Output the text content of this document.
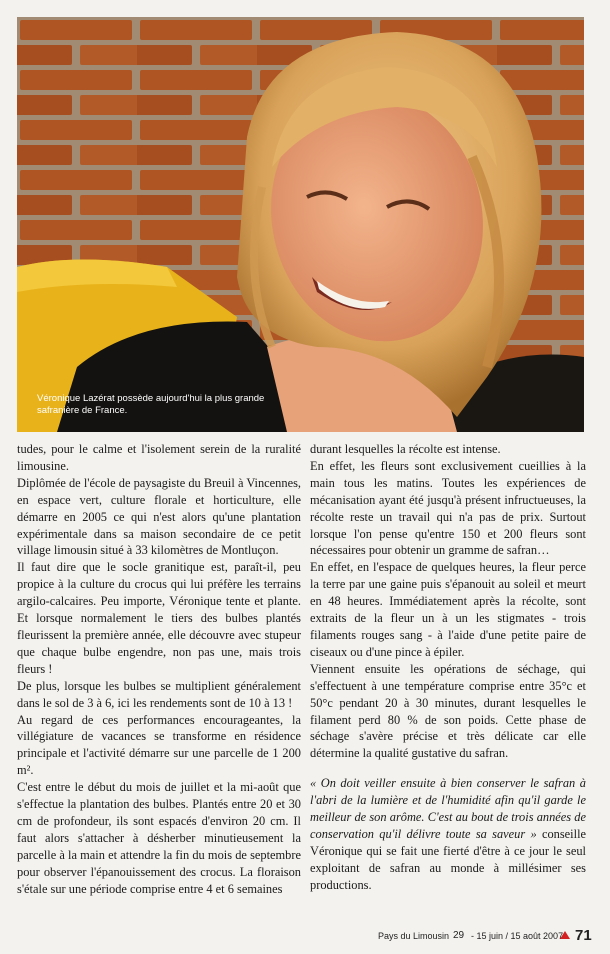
Véronique Lazérat possède aujourd'hui la plus grande safranière de France.

tudes, pour le calme et l'isolement serein de la ruralité limousine.

Diplômée de l'école de paysagiste du Breuil à Vincennes, en espace vert, culture florale et horticulture, elle démarre en 2005 ce qui n'est alors qu'une plantation expérimentale dans sa maison secondaire de ce petit village limousin situé à 33 kilomètres de Montluçon.

Il faut dire que le socle granitique est, paraît-il, peu propice à la culture du crocus qui lui préfère les terrains argilo-calcaires. Peu importe, Véronique tente et plante. Et lorsque normalement le tiers des bulbes plantés fleurissent la première année, elle découvre avec stupeur que chaque bulbe engendre, non pas une, mais trois fleurs !

De plus, lorsque les bulbes se multiplient généralement dans le sol de 3 à 6, ici les rendements sont de 10 à 13 !

Au regard de ces performances encourageantes, la villégiature de vacances se transforme en résidence principale et l'activité démarre sur une parcelle de 1 200 m².

C'est entre le début du mois de juillet et la mi-août que s'effectue la plantation des bulbes. Plantés entre 20 et 30 cm de profondeur, ils sont espacés d'environ 20 cm. Il faut alors s'attacher à désherber minutieusement la parcelle à la main et attendre la fin du mois de septembre pour observer l'épanouissement des crocus. La floraison s'étale sur une période comprise entre 4 et 6 semaines

durant lesquelles la récolte est intense.

En effet, les fleurs sont exclusivement cueillies à la main tous les matins. Toutes les expériences de mécanisation ayant été jusqu'à présent infructueuses, la récolte reste un travail qui n'a pas de prix. Surtout lorsque l'on pense qu'entre 150 et 200 fleurs sont nécessaires pour obtenir un gramme de safran…

En effet, en l'espace de quelques heures, la fleur perce la terre par une gaine puis s'épanouit au soleil et meurt en 48 heures. Immédiatement après la récolte, sont extraits de la fleur un à un les stigmates - trois filaments rouges sang - à l'aide d'une petite paire de ciseaux ou d'une pince à épiler.

Viennent ensuite les opérations de séchage, qui s'effectuent à une température comprise entre 35°c et 50°c pendant 20 à 30 minutes, durant lesquelles le filament perd 80 % de son poids. Cette phase de séchage s'avère précise et très délicate car elle détermine la qualité gustative du safran.

« On doit veiller ensuite à bien conserver le safran à l'abri de la lumière et de l'humidité afin qu'il garde le meilleur de son arôme. C'est au bout de trois années de conservation qu'il délivre toute sa saveur » conseille Véronique qui se fait une fierté d'être à ce jour le seul exploitant de safran au monde à millésimer ses productions.

Pays du Limousin 29 - 15 juin / 15 août 2007 71
